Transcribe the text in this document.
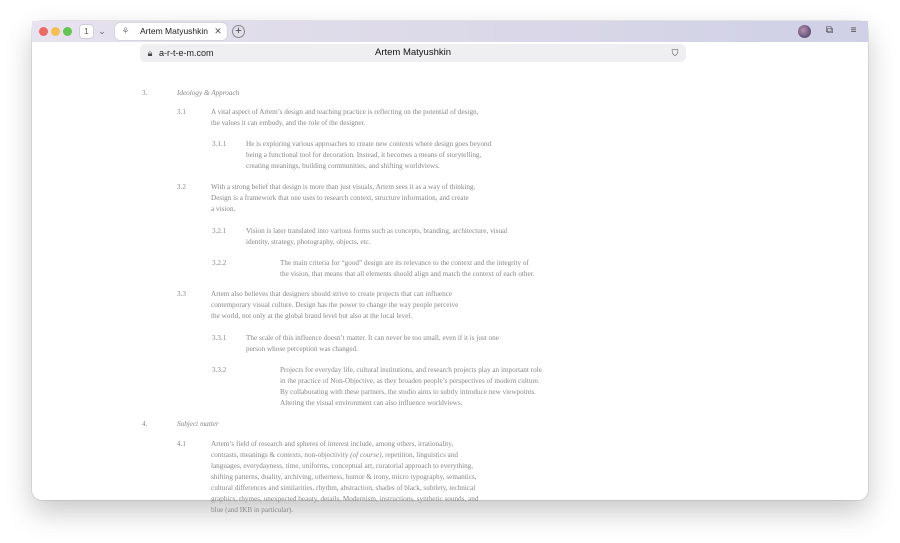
1	⌄ ⚘ Artem Matyushkin ✕ +	⧉	≡
🔒︎ a-r-t-e-m.com	Artem Matyushkin	⛉
3.	Ideology & Approach
3.1	A vital aspect of Artem’s design and teaching practice is reflecting on the potential of design,
the values it can embody, and the role of the designer.
3.1.1	He is exploring various approaches to create new contexts where design goes beyond
being a functional tool for decoration. Instead, it becomes a means of storytelling,
creating meanings, building communities, and shifting worldviews.
3.2	With a strong belief that design is more than just visuals, Artem sees it as a way of thinking.
Design is a framework that one uses to research context, structure information, and create
a vision.
3.2.1	Vision is later translated into various forms such as concepts, branding, architecture, visual
identity, strategy, photography, objects, etc.
3.2.2	The main criteria for “good” design are its relevance to the context and the integrity of
the vision, that means that all elements should align and match the context of each other.
3.3	Artem also believes that designers should strive to create projects that can influence
contemporary visual culture. Design has the power to change the way people perceive
the world, not only at the global brand level but also at the local level.
3.3.1	The scale of this influence doesn’t matter. It can never be too small, even if it is just one
person whose perception was changed.
3.3.2	Projects for everyday life, cultural institutions, and research projects play an important role
in the practice of Non-Objective, as they broaden people’s perspectives of modern culture.
By collaborating with these partners, the studio aims to subtly introduce new viewpoints.
Altering the visual environment can also influence worldviews.
4.	Subject matter
4.1	Artem’s field of research and spheres of interest include, among others, irrationality,
contrasts, meanings & contexts, non-objectivity (of course), repetition, linguistics and
languages, everydayness, time, uniforms, conceptual art, curatorial approach to everything,
shifting patterns, duality, archiving, otherness, humor & irony, micro typography, semantics,
cultural differences and similarities, rhythm, abstraction, shades of black, subtlety, technical
graphics, rhymes, unexpected beauty, details, Modernism, instructions, synthetic sounds, and
blue (and IKB in particular).
